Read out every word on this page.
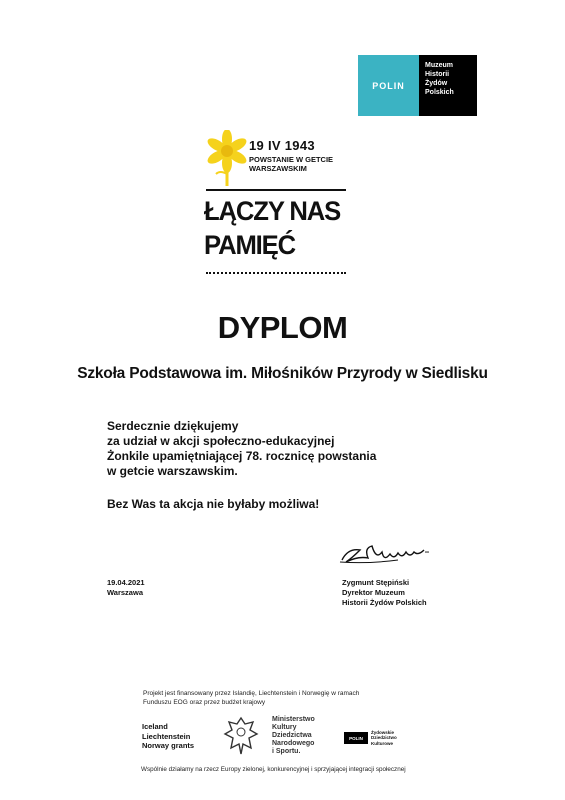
POLIN
Muzeum
Historii
Żydów
Polskich
19 IV 1943
POWSTANIE W GETCIE
WARSZAWSKIM
ŁĄCZY NAS
PAMIĘĆ
DYPLOM
Szkoła Podstawowa im. Miłośników Przyrody w Siedlisku
Serdecznie dziękujemy
za udział w akcji społeczno-edukacyjnej
Żonkile upamiętniającej 78. rocznicę powstania
w getcie warszawskim.
Bez Was ta akcja nie byłaby możliwa!
19.04.2021
Warszawa
Zygmunt Stępiński
Dyrektor Muzeum
Historii Żydów Polskich
Projekt jest finansowany przez Islandię, Liechtenstein i Norwegię w ramach
Funduszu EOG oraz przez budżet krajowy
Iceland
Liechtenstein
Norway grants
Ministerstwo
Kultury
Dziedzictwa
Narodowego
i Sportu.
POLIN
Żydowskie
Dziedzictwo
Kulturowe
Wspólnie działamy na rzecz Europy zielonej, konkurencyjnej i sprzyjającej integracji społecznej
